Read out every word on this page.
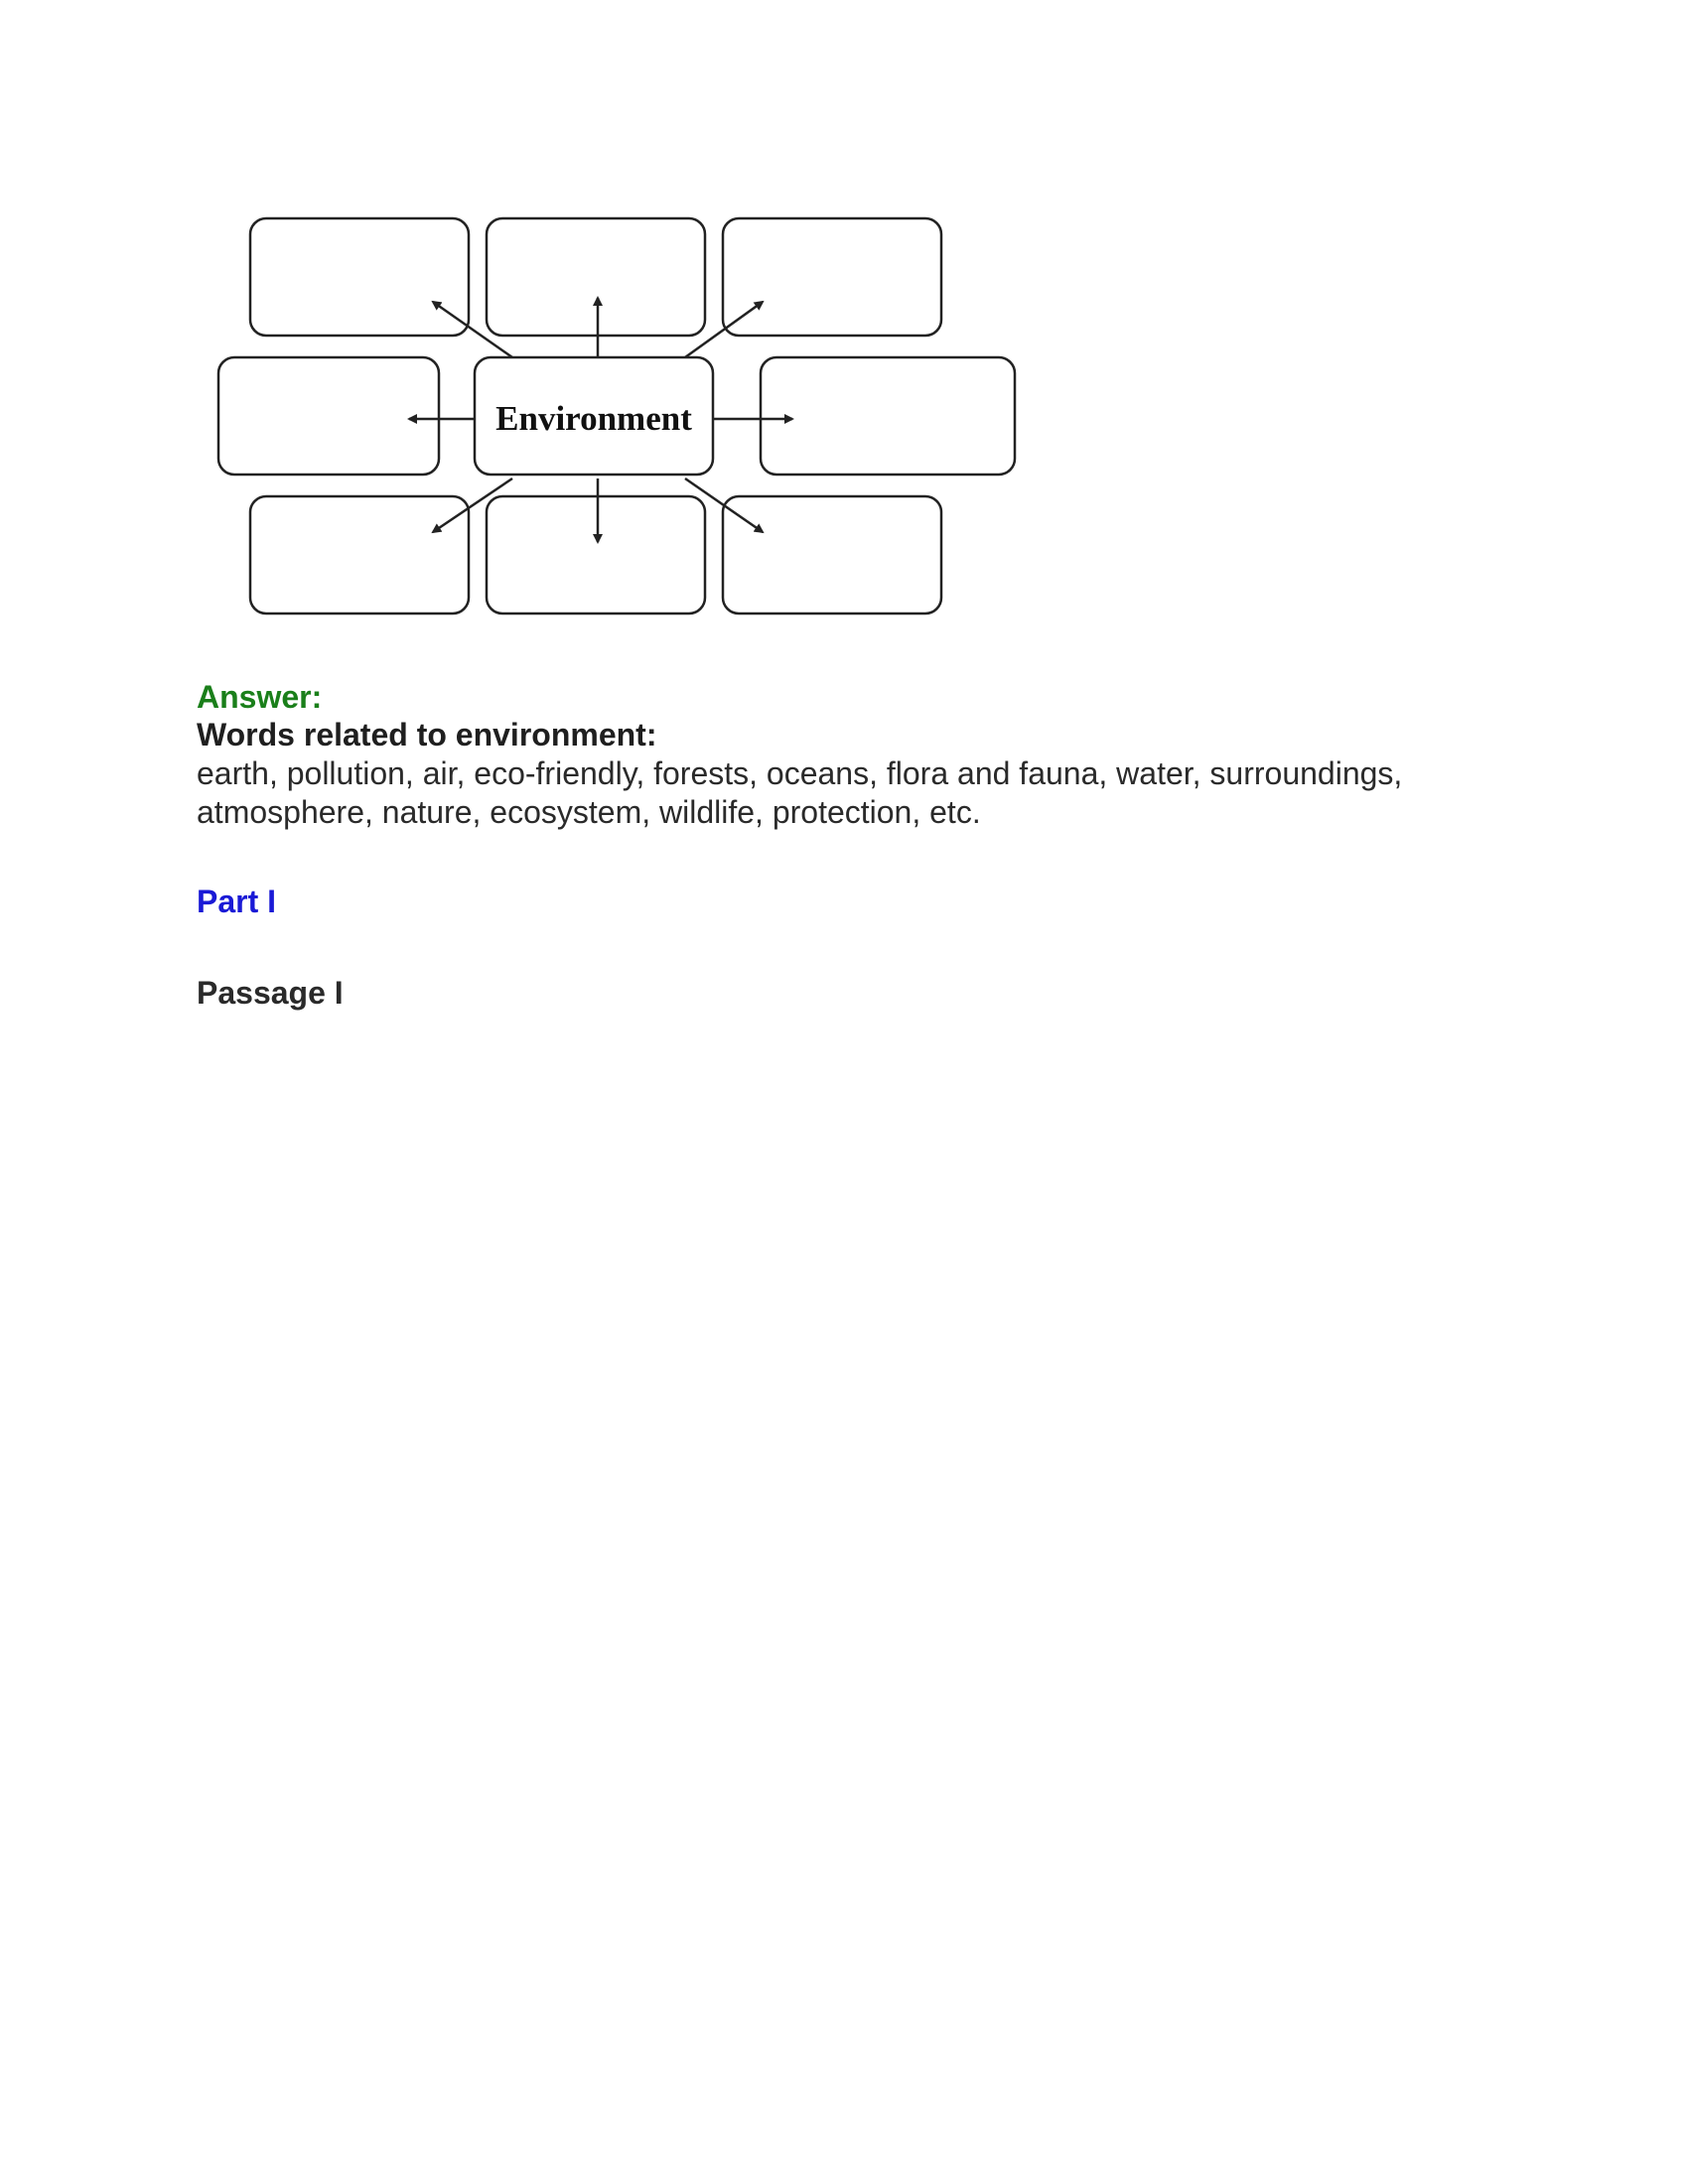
Environment
Answer:
Words related to environment:
earth, pollution, air, eco-friendly, forests, oceans, flora and fauna, water, surroundings, atmosphere, nature, ecosystem, wildlife, protection, etc.
Part I
Passage I
